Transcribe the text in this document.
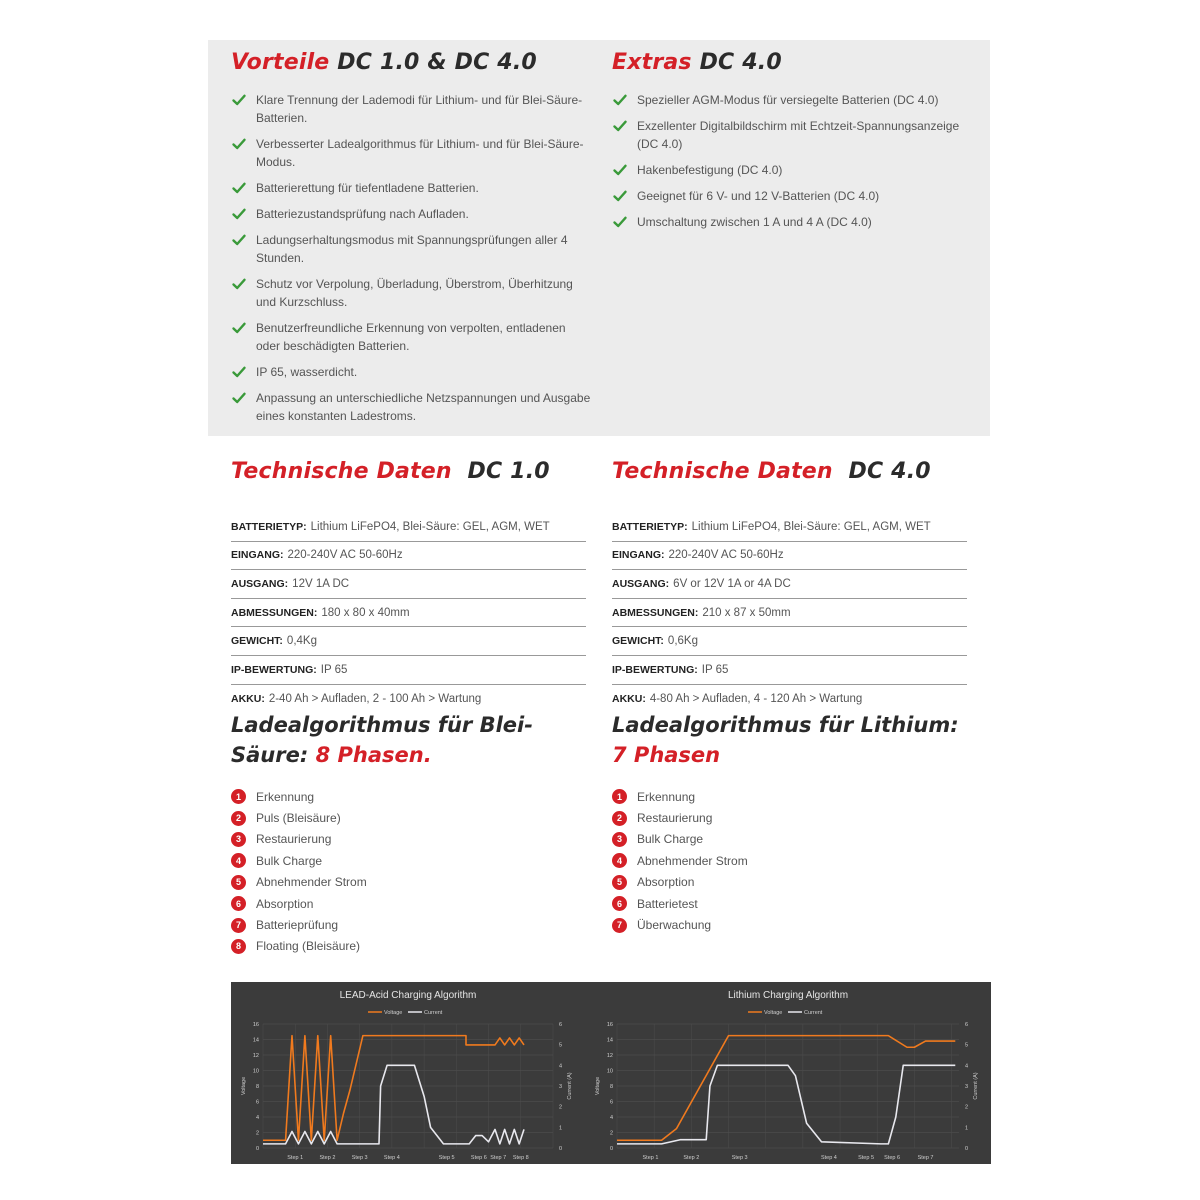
Vorteile DC 1.0 & DC 4.0
Klare Trennung der Lademodi für Lithium- und für Blei-Säure-Batterien.
Verbesserter Ladealgorithmus für Lithium- und für Blei-Säure-Modus.
Batterierettung für tiefentladene Batterien.
Batteriezustandsprüfung nach Aufladen.
Ladungserhaltungsmodus mit Spannungsprüfungen aller 4 Stunden.
Schutz vor Verpolung, Überladung, Überstrom, Überhitzung und Kurzschluss.
Benutzerfreundliche Erkennung von verpolten, entladenen oder beschädigten Batterien.
IP 65, wasserdicht.
Anpassung an unterschiedliche Netzspannungen und Ausgabe eines konstanten Ladestroms.
Extras DC 4.0
Spezieller AGM-Modus für versiegelte Batterien (DC 4.0)
Exzellenter Digitalbildschirm mit Echtzeit-Spannungsanzeige (DC 4.0)
Hakenbefestigung (DC 4.0)
Geeignet für 6 V- und 12 V-Batterien (DC 4.0)
Umschaltung zwischen 1 A und 4 A (DC 4.0)
Technische Daten DC 1.0
BATTERIETYP: Lithium LiFePO4, Blei-Säure: GEL, AGM, WET
EINGANG: 220-240V AC 50-60Hz
AUSGANG: 12V 1A DC
ABMESSUNGEN: 180 x 80 x 40mm
GEWICHT: 0,4Kg
IP-BEWERTUNG: IP 65
AKKU: 2-40 Ah > Aufladen, 2 - 100 Ah > Wartung
Technische Daten DC 4.0
BATTERIETYP: Lithium LiFePO4, Blei-Säure: GEL, AGM, WET
EINGANG: 220-240V AC 50-60Hz
AUSGANG: 6V or 12V 1A or 4A DC
ABMESSUNGEN: 210 x 87 x 50mm
GEWICHT: 0,6Kg
IP-BEWERTUNG: IP 65
AKKU: 4-80 Ah > Aufladen, 4 - 120 Ah > Wartung
Ladealgorithmus für Blei-
Säure: 8 Phasen.
1	Erkennung
2	Puls (Bleisäure)
3	Restaurierung
4	Bulk Charge
5	Abnehmender Strom
6	Absorption
7	Batterieprüfung
8	Floating (Bleisäure)
Ladealgorithmus für Lithium:
7 Phasen
1	Erkennung
2	Restaurierung
3	Bulk Charge
4	Abnehmender Strom
5	Absorption
6	Batterietest
7	Überwachung
LEAD-Acid Charging Algorithm
Voltage	Current
0
2
4
6
8
10
12
14
16
0
1
2
3
4
5
6
Voltage	Current (A)
Step 1	Step 2	Step 3	Step 4	Step 5	Step 6 Step 7 Step 8
Lithium Charging Algorithm
Voltage	Current
0
2
4
6
8
10
12
14
16
0
1
2
3
4
5
6
Voltage	Current (A)
Step 1	Step 2	Step 3	Step 4	Step 5 Step 6	Step 7
